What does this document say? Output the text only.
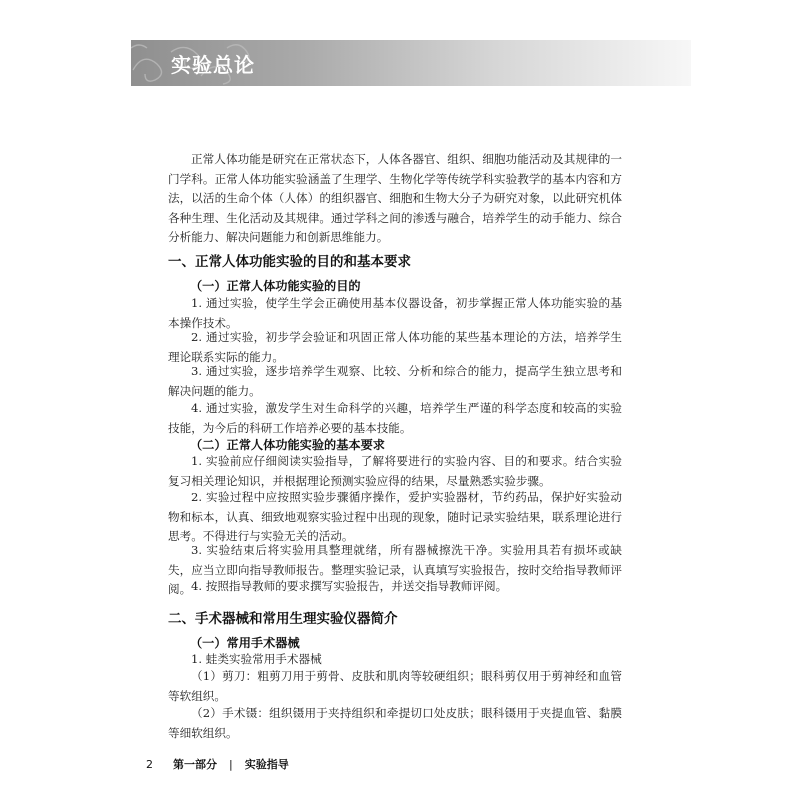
实验总论

正常人体功能是研究在正常状态下，人体各器官、组织、细胞功能活动及其规律的一门学科。正常人体功能实验涵盖了生理学、生物化学等传统学科实验教学的基本内容和方法，以活的生命个体（人体）的组织器官、细胞和生物大分子为研究对象，以此研究机体各种生理、生化活动及其规律。通过学科之间的渗透与融合，培养学生的动手能力、综合分析能力、解决问题能力和创新思维能力。

一、正常人体功能实验的目的和基本要求
（一）正常人体功能实验的目的

1. 通过实验，使学生学会正确使用基本仪器设备，初步掌握正常人体功能实验的基本操作技术。

2. 通过实验，初步学会验证和巩固正常人体功能的某些基本理论的方法，培养学生理论联系实际的能力。

3. 通过实验，逐步培养学生观察、比较、分析和综合的能力，提高学生独立思考和解决问题的能力。

4. 通过实验，激发学生对生命科学的兴趣，培养学生严谨的科学态度和较高的实验技能，为今后的科研工作培养必要的基本技能。

（二）正常人体功能实验的基本要求

1. 实验前应仔细阅读实验指导，了解将要进行的实验内容、目的和要求。结合实验复习相关理论知识，并根据理论预测实验应得的结果，尽量熟悉实验步骤。

2. 实验过程中应按照实验步骤循序操作，爱护实验器材，节约药品，保护好实验动物和标本，认真、细致地观察实验过程中出现的现象，随时记录实验结果，联系理论进行思考。不得进行与实验无关的活动。

3. 实验结束后将实验用具整理就绪，所有器械擦洗干净。实验用具若有损坏或缺失，应当立即向指导教师报告。整理实验记录，认真填写实验报告，按时交给指导教师评阅。 4. 按照指导教师的要求撰写实验报告，并送交指导教师评阅。

二、手术器械和常用生理实验仪器简介
（一）常用手术器械

1. 蛙类实验常用手术器械

（1）剪刀：粗剪刀用于剪骨、皮肤和肌肉等较硬组织；眼科剪仅用于剪神经和血管等软组织。

（2）手术镊：组织镊用于夹持组织和牵提切口处皮肤；眼科镊用于夹提血管、黏膜等细软组织。

2 第一部分 | 实验指导
